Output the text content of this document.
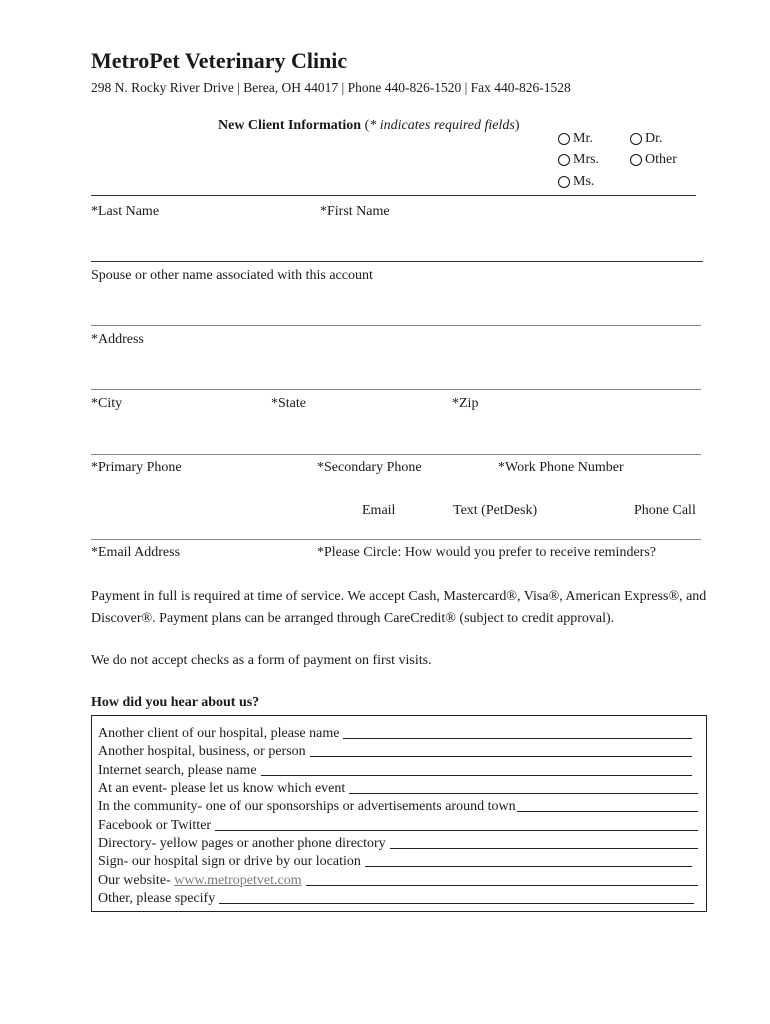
MetroPet Veterinary Clinic
298 N. Rocky River Drive | Berea, OH 44017 | Phone 440-826-1520 | Fax 440-826-1528
New Client Information (* indicates required fields)
Mr.
Mrs.
Ms.
Dr.
Other
*Last Name	*First Name
Spouse or other name associated with this account
*Address
*City	*State	*Zip
*Primary Phone	*Secondary Phone	*Work Phone Number
Email	Text (PetDesk)	Phone Call
*Email Address	*Please Circle: How would you prefer to receive reminders?
Payment in full is required at time of service. We accept Cash, Mastercard®, Visa®, American Express®, and Discover®. Payment plans can be arranged through CareCredit® (subject to credit approval).
We do not accept checks as a form of payment on first visits.
How did you hear about us?
Another client of our hospital, please name
Another hospital, business, or person
Internet search, please name
At an event- please let us know which event
In the community- one of our sponsorships or advertisements around town
Facebook or Twitter
Directory- yellow pages or another phone directory
Sign- our hospital sign or drive by our location
Our website-
www.metropetvet.com
Other, please specify
